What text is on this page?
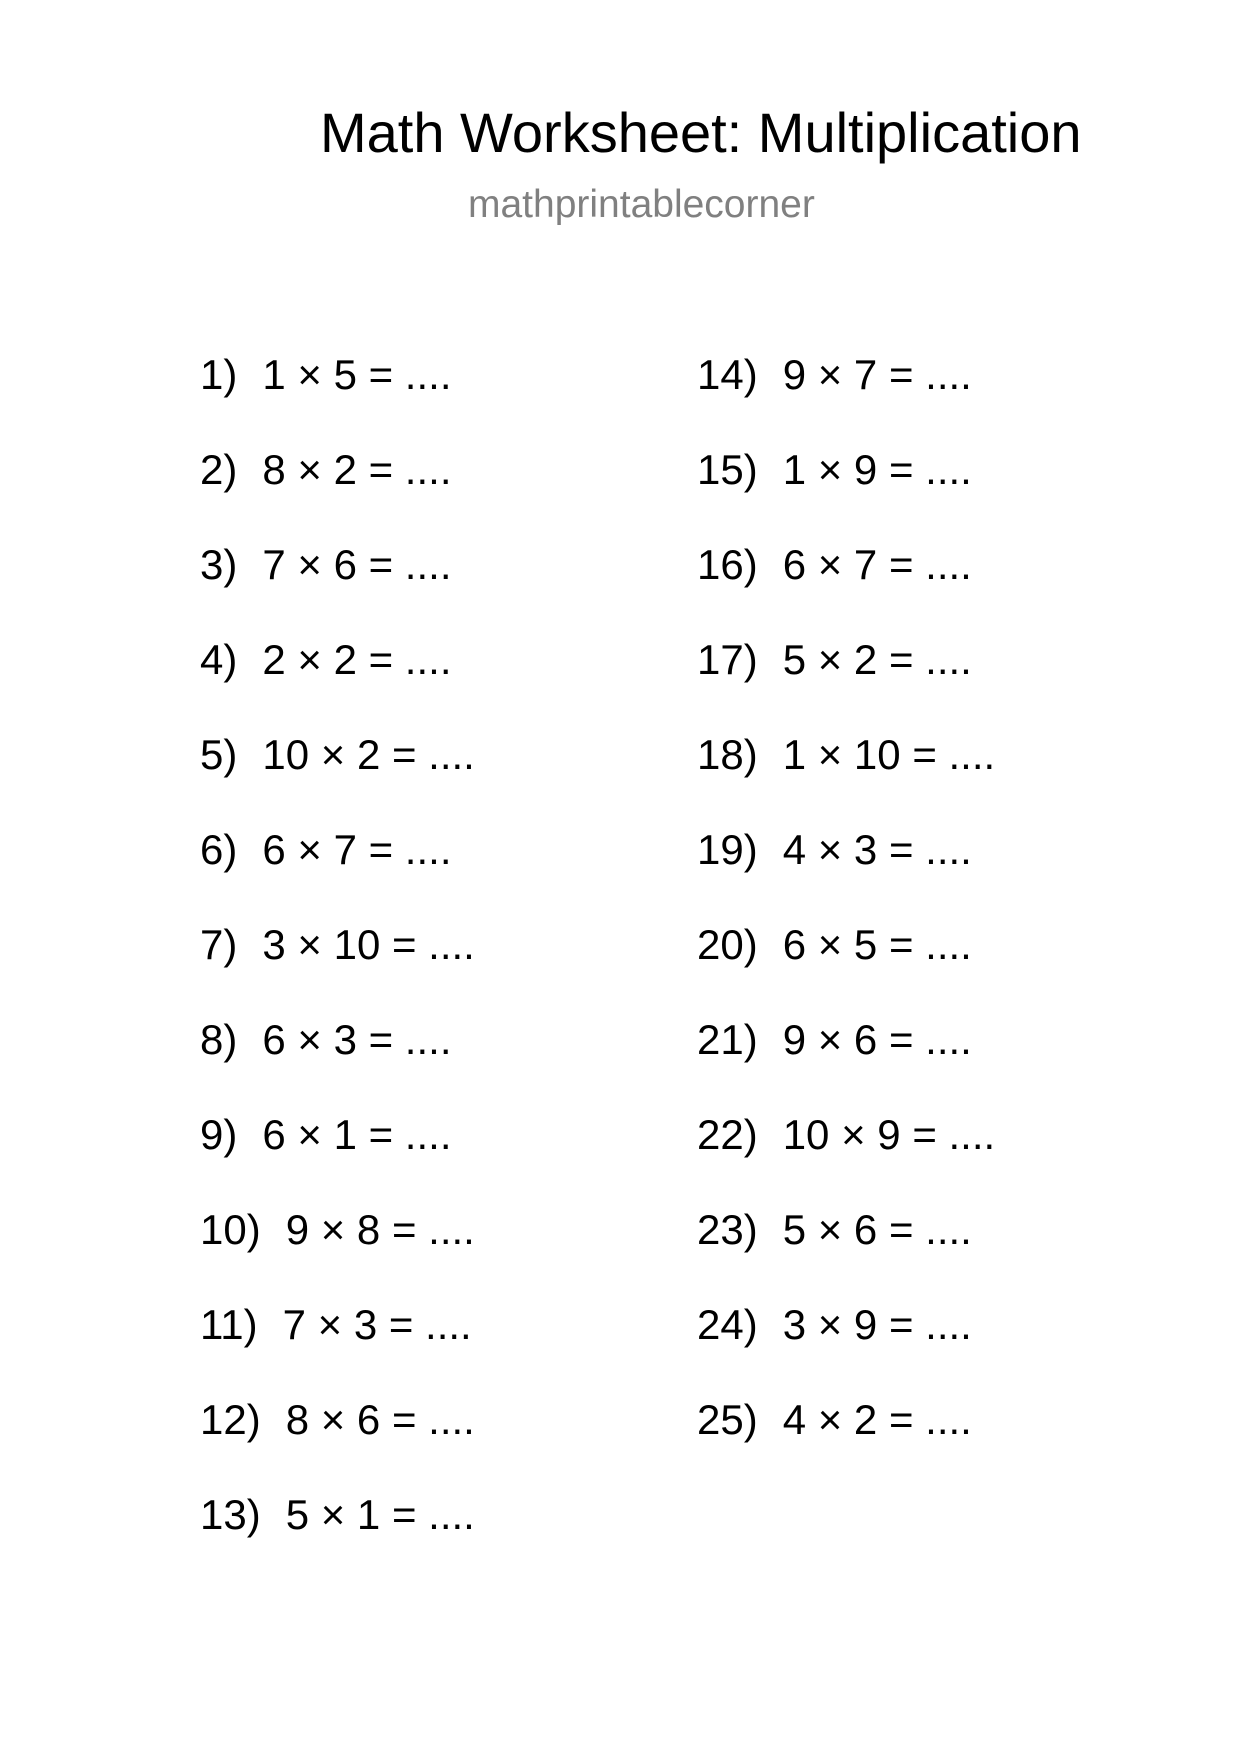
Math Worksheet: Multiplication
mathprintablecorner
1) 1 × 5 = ....
2) 8 × 2 = ....
3) 7 × 6 = ....
4) 2 × 2 = ....
5) 10 × 2 = ....
6) 6 × 7 = ....
7) 3 × 10 = ....
8) 6 × 3 = ....
9) 6 × 1 = ....
10) 9 × 8 = ....
11) 7 × 3 = ....
12) 8 × 6 = ....
13) 5 × 1 = ....
14) 9 × 7 = ....
15) 1 × 9 = ....
16) 6 × 7 = ....
17) 5 × 2 = ....
18) 1 × 10 = ....
19) 4 × 3 = ....
20) 6 × 5 = ....
21) 9 × 6 = ....
22) 10 × 9 = ....
23) 5 × 6 = ....
24) 3 × 9 = ....
25) 4 × 2 = ....
